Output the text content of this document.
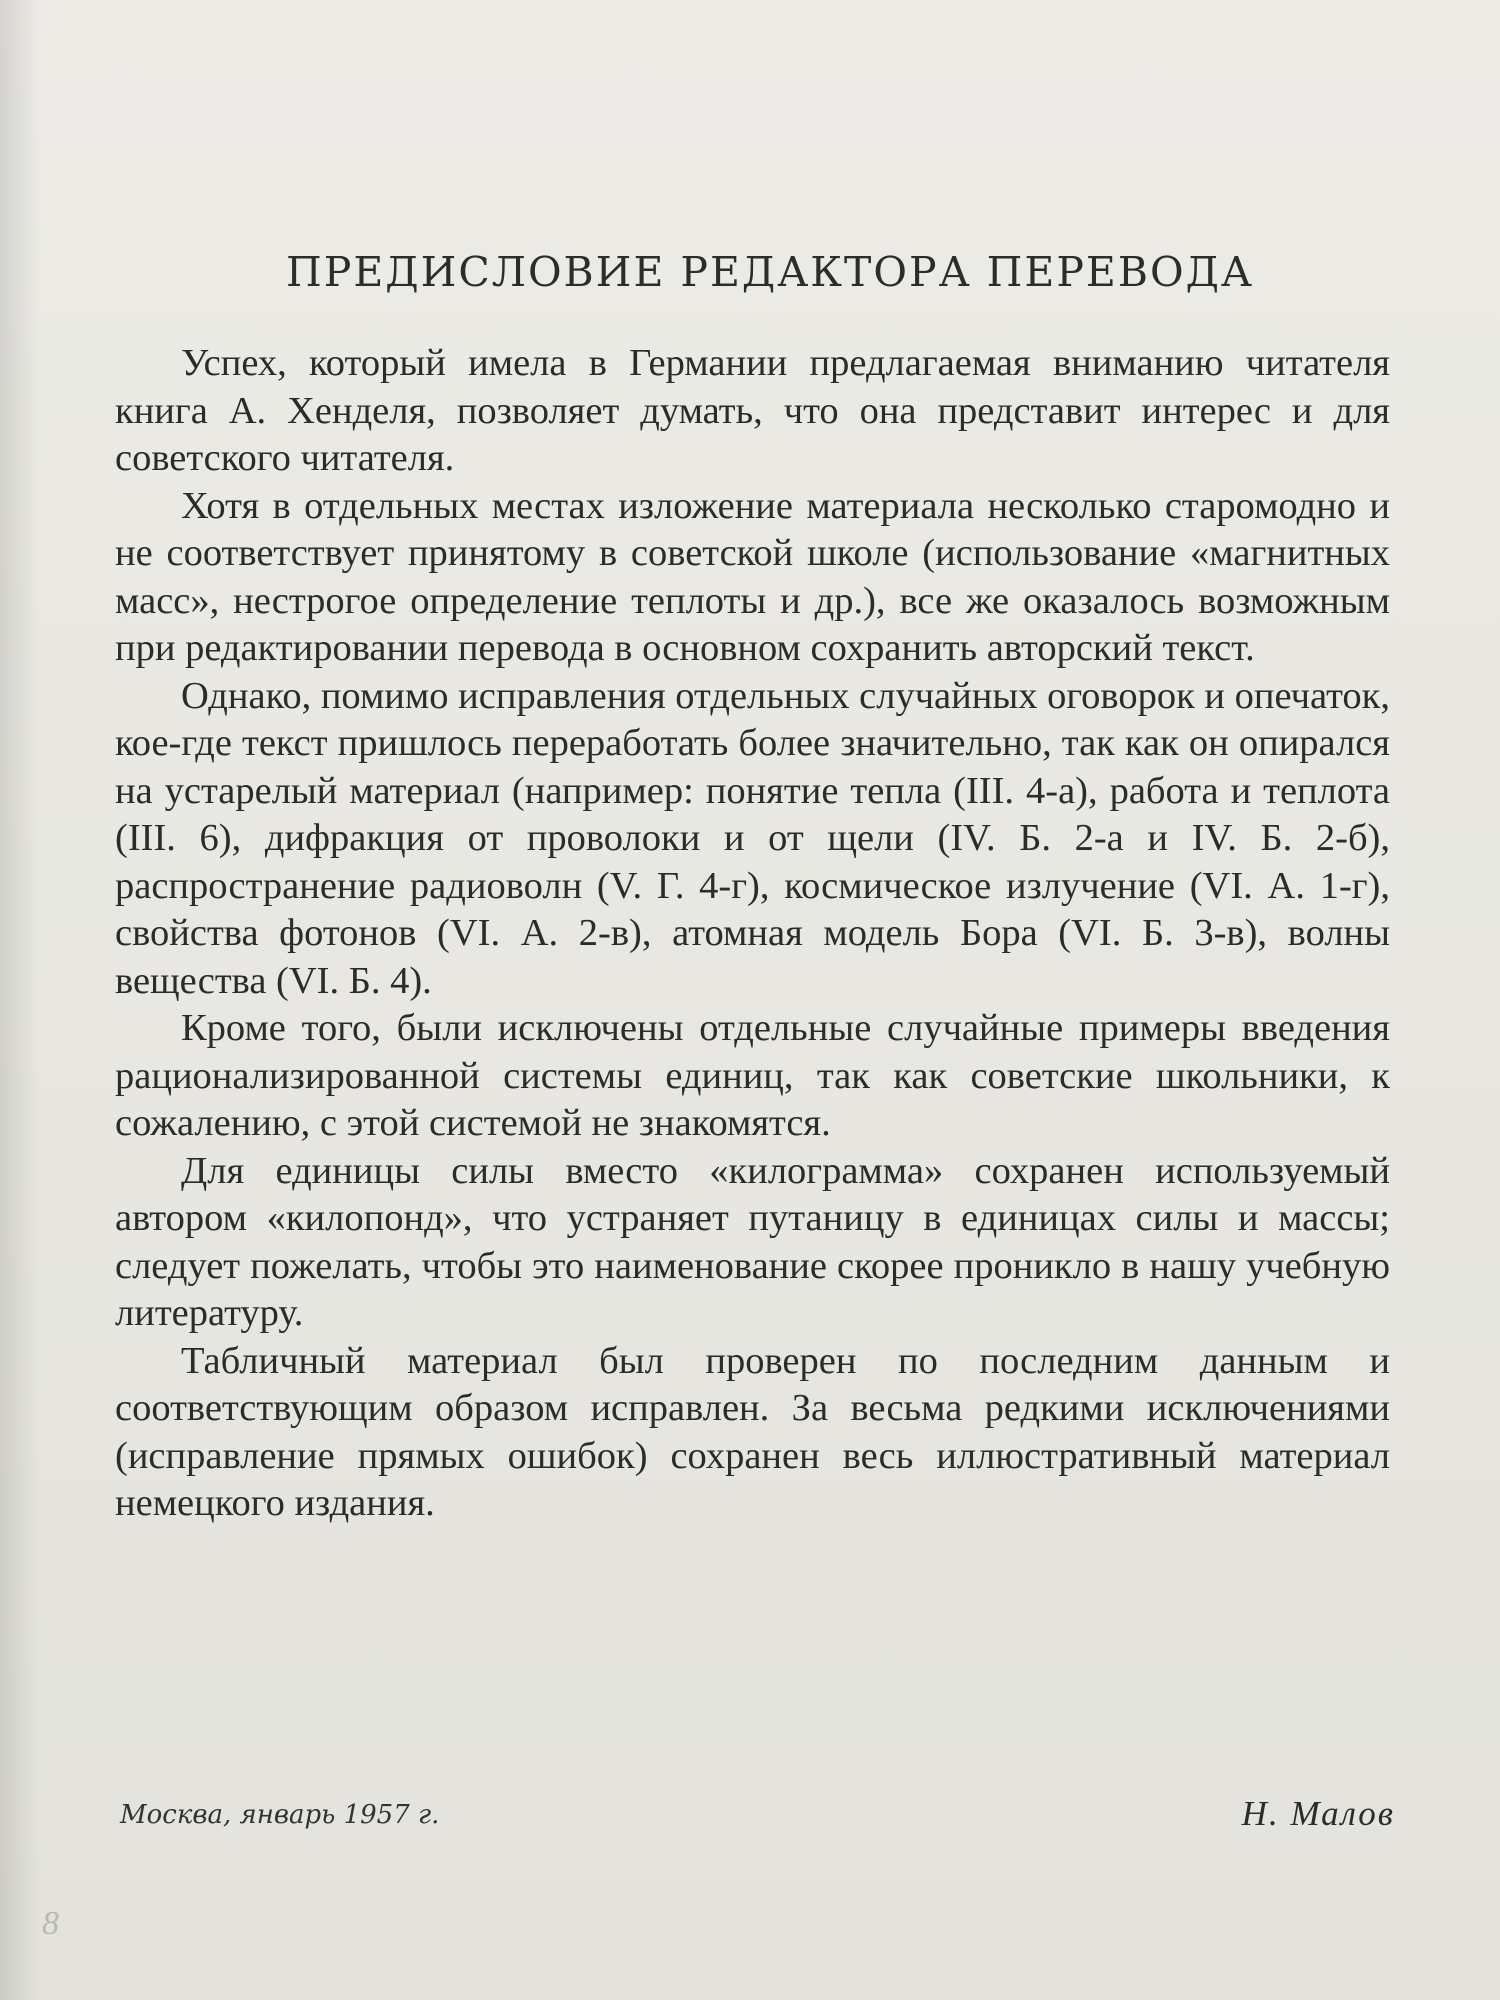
ПРЕДИСЛОВИЕ РЕДАКТОРА ПЕРЕВОДА

Успех, который имела в Германии предлагаемая вниманию читателя книга А. Хенделя, позволяет думать, что она представит интерес и для советского читателя.

Хотя в отдельных местах изложение материала несколько старомодно и не соответствует принятому в советской школе (использование «магнитных масс», нестрогое определение теплоты и др.), все же оказалось возможным при редактировании перевода в основном сохранить авторский текст.

Однако, помимо исправления отдельных случайных оговорок и опечаток, кое-где текст пришлось переработать более значительно, так как он опирался на устарелый материал (например: понятие тепла (III. 4-а), работа и теплота (III. 6), дифракция от проволоки и от щели (IV. Б. 2-а и IV. Б. 2-б), распространение радиоволн (V. Г. 4-г), космическое излучение (VI. А. 1-г), свойства фотонов (VI. А. 2-в), атомная модель Бора (VI. Б. 3-в), волны вещества (VI. Б. 4).

Кроме того, были исключены отдельные случайные примеры введения рационализированной системы единиц, так как советские школьники, к сожалению, с этой системой не знакомятся.

Для единицы силы вместо «килограмма» сохранен используемый автором «килопонд», что устраняет путаницу в единицах силы и массы; следует пожелать, чтобы это наименование скорее проникло в нашу учебную литературу.

Табличный материал был проверен по последним данным и соответствующим образом исправлен. За весьма редкими исключениями (исправление прямых ошибок) сохранен весь иллюстративный материал немецкого издания.

Москва, январь 1957 г.	Н. Малов
8
